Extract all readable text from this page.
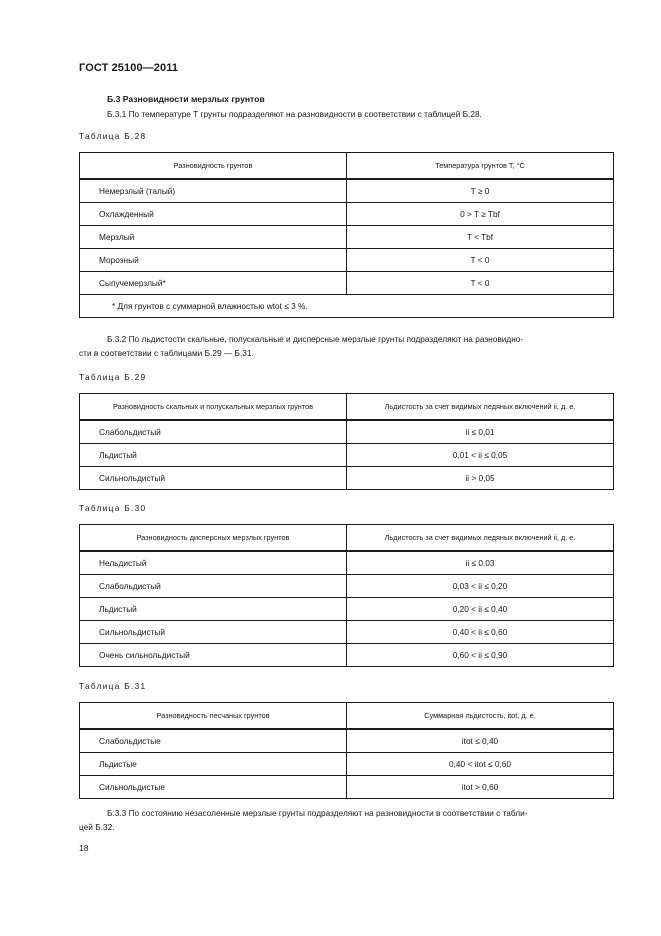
ГОСТ 25100—2011
Б.3 Разновидности мерзлых грунтов
Б.3.1 По температуре Т грунты подразделяют на разновидности в соответствии с таблицей Б.28.
Таблица Б.28
Разновидность грунтов	Температура грунтов Т, °С
Немерзлый (талый)	T ≥ 0
Охлажденный	0 > T ≥ Tbf
Мерзлый	T < Tbf
Морозный	T < 0
Сыпучемерзлый*	T < 0
* Для грунтов с суммарной влажностью wtot ≤ 3 %.	
Б.3.2 По льдистости скальные, полускальные и дисперсные мерзлые грунты подразделяют на разновидно-
сти в соответствии с таблицами Б.29 — Б.31.
Таблица Б.29
Разновидность скальных и полускальных мерзлых грунтов	Льдистость за счет видимых ледяных включений ii, д. е.
Слабольдистый	ii ≤ 0,01
Льдистый	0,01 < ii ≤ 0,05
Сильнольдистый	ii > 0,05
Таблица Б.30
Разновидность дисперсных мерзлых грунтов	Льдистость за счет видимых ледяных включений ii, д. е.
Нельдистый	ii ≤ 0.03
Слабольдистый	0,03 < ii ≤ 0,20
Льдистый	0,20 < ii ≤ 0,40
Сильнольдистый	0,40 < ii ≤ 0,60
Очень сильнольдистый	0,60 < ii ≤ 0,90
Таблица Б.31
Разновидность песчаных грунтов	Суммарная льдистость, itot, д. е.
Слабольдистые	itot ≤ 0,40
Льдистые	0,40 < itot ≤ 0,60
Сильнольдистые	itot > 0,60
Б.3.3 По состоянию незасоленные мерзлые грунты подразделяют на разновидности в соответствии с табли-
цей Б.32.
18
